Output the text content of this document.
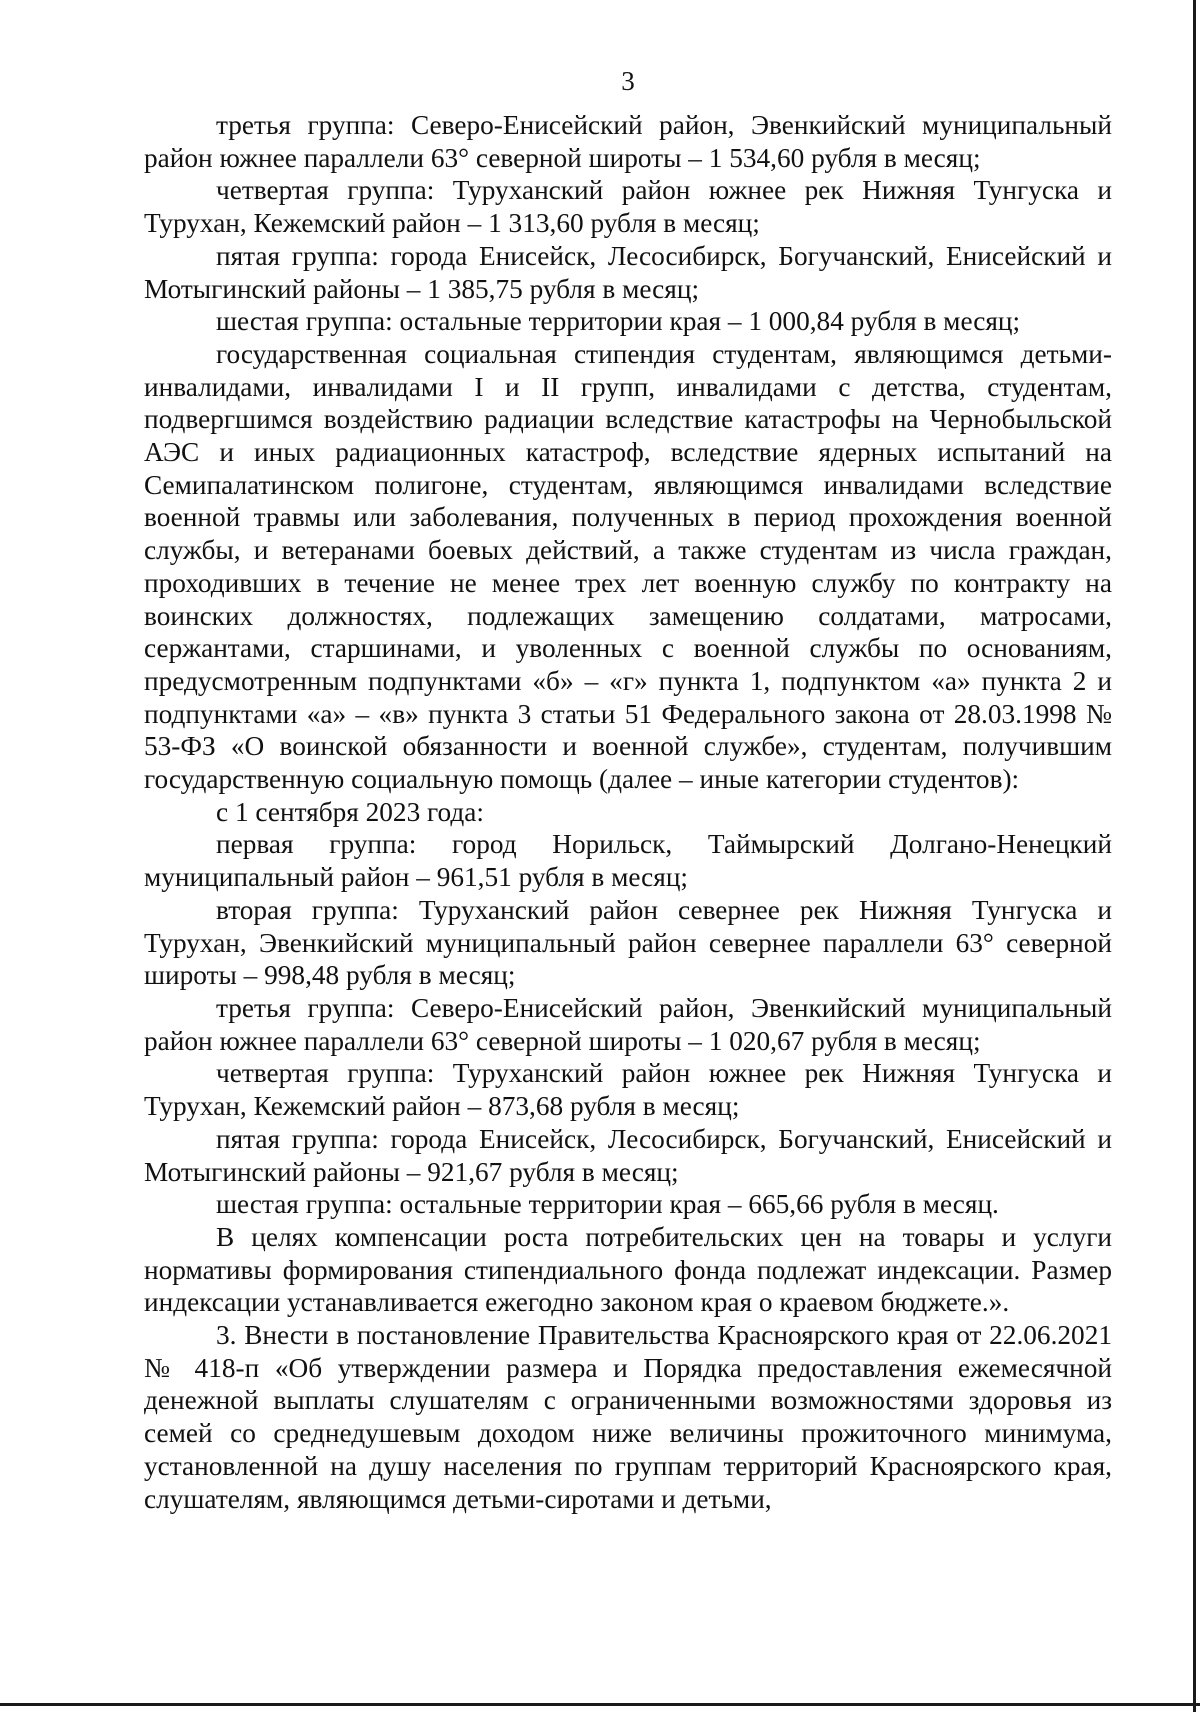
3

третья группа: Северо-Енисейский район, Эвенкийский муниципальный район южнее параллели 63° северной широты – 1 534,60 рубля в месяц;

четвертая группа: Туруханский район южнее рек Нижняя Тунгуска и Турухан, Кежемский район – 1 313,60 рубля в месяц;

пятая группа: города Енисейск, Лесосибирск, Богучанский, Енисейский и Мотыгинский районы – 1 385,75 рубля в месяц;

шестая группа: остальные территории края – 1 000,84 рубля в месяц;

государственная социальная стипендия студентам, являющимся детьми-инвалидами, инвалидами I и II групп, инвалидами с детства, студентам, подвергшимся воздействию радиации вследствие катастрофы на Чернобыльской АЭС и иных радиационных катастроф, вследствие ядерных испытаний на Семипалатинском полигоне, студентам, являющимся инвалидами вследствие военной травмы или заболевания, полученных в период прохождения военной службы, и ветеранами боевых действий, а также студентам из числа граждан, проходивших в течение не менее трех лет военную службу по контракту на воинских должностях, подлежащих замещению солдатами, матросами, сержантами, старшинами, и уволенных с военной службы по основаниям, предусмотренным подпунктами «б» – «г» пункта 1, подпунктом «а» пункта 2 и подпунктами «а» – «в» пункта 3 статьи 51 Федерального закона от 28.03.1998 № 53-ФЗ «О воинской обязанности и военной службе», студентам, получившим государственную социальную помощь (далее – иные категории студентов):

с 1 сентября 2023 года:

первая группа: город Норильск, Таймырский Долгано-Ненецкий муниципальный район – 961,51 рубля в месяц;

вторая группа: Туруханский район севернее рек Нижняя Тунгуска и Турухан, Эвенкийский муниципальный район севернее параллели 63° северной широты – 998,48 рубля в месяц;

третья группа: Северо-Енисейский район, Эвенкийский муниципальный район южнее параллели 63° северной широты – 1 020,67 рубля в месяц;

четвертая группа: Туруханский район южнее рек Нижняя Тунгуска и Турухан, Кежемский район – 873,68 рубля в месяц;

пятая группа: города Енисейск, Лесосибирск, Богучанский, Енисейский и Мотыгинский районы – 921,67 рубля в месяц;

шестая группа: остальные территории края – 665,66 рубля в месяц.

В целях компенсации роста потребительских цен на товары и услуги нормативы формирования стипендиального фонда подлежат индексации. Размер индексации устанавливается ежегодно законом края о краевом бюджете.».

3. Внести в постановление Правительства Красноярского края от 22.06.2021 № 418-п «Об утверждении размера и Порядка предоставления ежемесячной денежной выплаты слушателям с ограниченными возможностями здоровья из семей со среднедушевым доходом ниже величины прожиточного минимума, установленной на душу населения по группам территорий Красноярского края, слушателям, являющимся детьми-сиротами и детьми,
